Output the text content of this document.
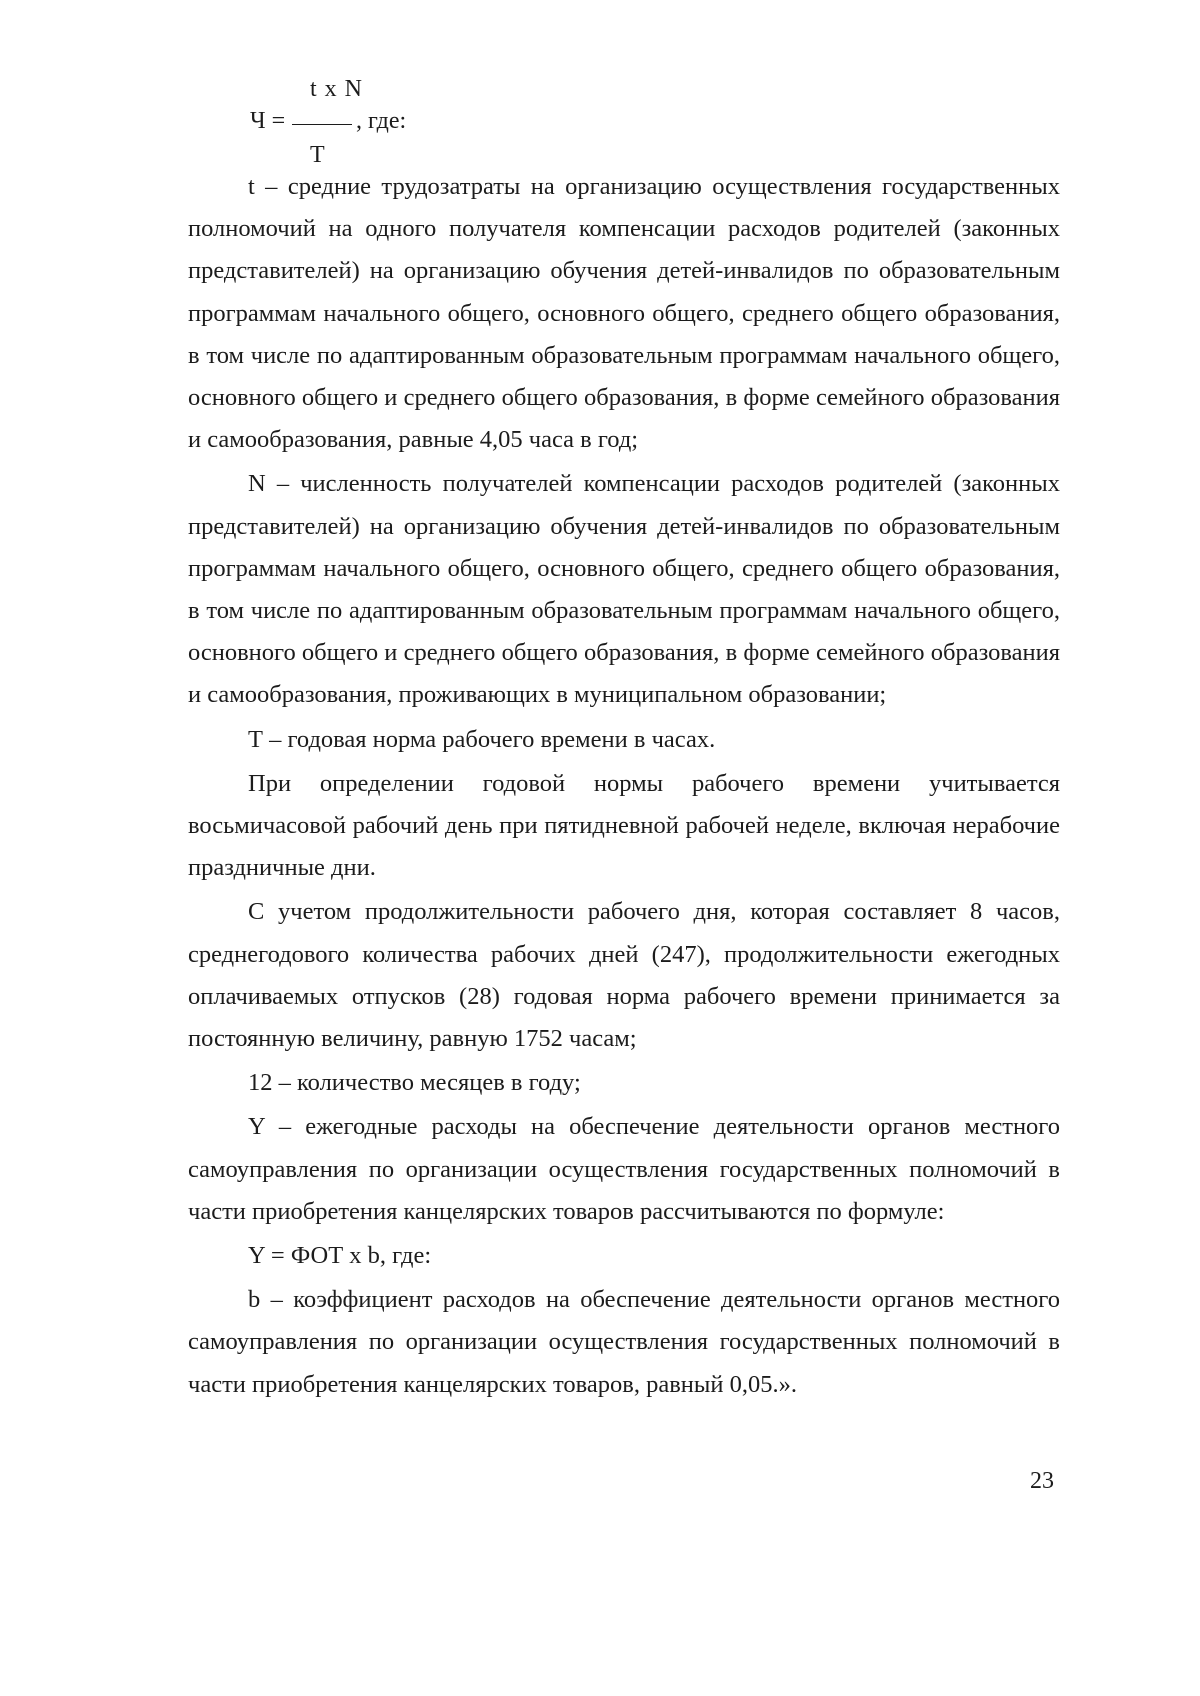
t x N
Ч =	, где:
Т

t – средние трудозатраты на организацию осуществления государственных полномочий на одного получателя компенсации расходов родителей (законных представителей) на организацию обучения детей-инвалидов по образовательным программам начального общего, основного общего, среднего общего образования, в том числе по адаптированным образовательным программам начального общего, основного общего и среднего общего образования, в форме семейного образования и самообразования, равные 4,05 часа в год;

N – численность получателей компенсации расходов родителей (законных представителей) на организацию обучения детей-инвалидов по образовательным программам начального общего, основного общего, среднего общего образования, в том числе по адаптированным образовательным программам начального общего, основного общего и среднего общего образования, в форме семейного образования и самообразования, проживающих в муниципальном образовании;

Т – годовая норма рабочего времени в часах.

При определении годовой нормы рабочего времени учитывается восьмичасовой рабочий день при пятидневной рабочей неделе, включая нерабочие праздничные дни.

С учетом продолжительности рабочего дня, которая составляет 8 часов, среднегодового количества рабочих дней (247), продолжительности ежегодных оплачиваемых отпусков (28) годовая норма рабочего времени принимается за постоянную величину, равную 1752 часам;

12 – количество месяцев в году;

Y – ежегодные расходы на обеспечение деятельности органов местного самоуправления по организации осуществления государственных полномочий в части приобретения канцелярских товаров рассчитываются по формуле:

Y = ФОТ x b, где:

b – коэффициент расходов на обеспечение деятельности органов местного самоуправления по организации осуществления государственных полномочий в части приобретения канцелярских товаров, равный 0,05.».

23
